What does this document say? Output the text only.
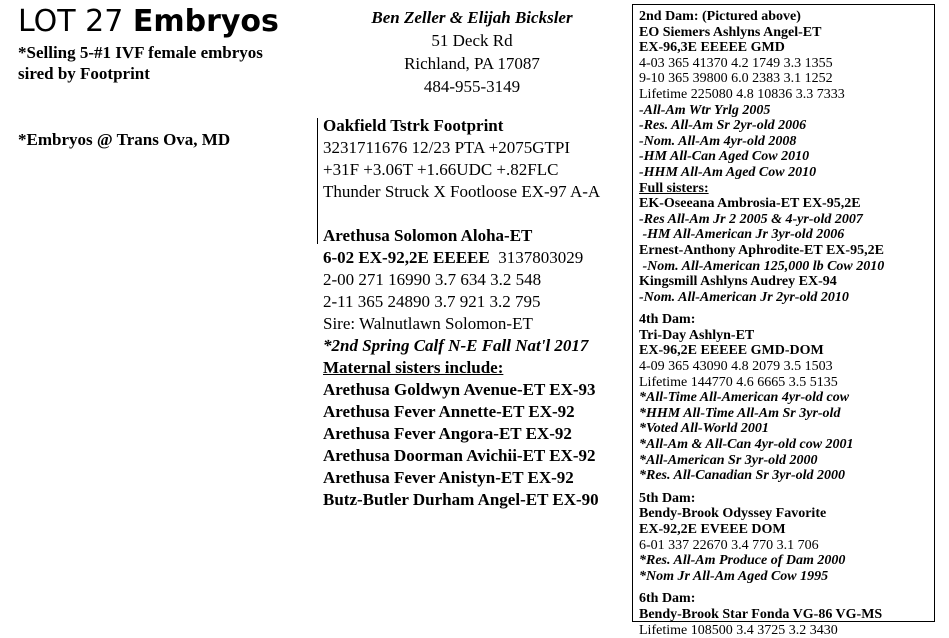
LOT 27 Embryos
*Selling 5-#1 IVF female embryos
sired by Footprint
*Embryos @ Trans Ova, MD
Ben Zeller & Elijah Bicksler
51 Deck Rd
Richland, PA 17087
484-955-3149
Oakfield Tstrk Footprint
3231711676 12/23 PTA +2075GTPI
+31F +3.06T +1.66UDC +.82FLC
Thunder Struck X Footloose EX-97 A-A
Arethusa Solomon Aloha-ET
6-02 EX-92,2E EEEEE 3137803029
2-00 271 16990 3.7 634 3.2 548
2-11 365 24890 3.7 921 3.2 795
Sire: Walnutlawn Solomon-ET
*2nd Spring Calf N-E Fall Nat'l 2017
Maternal sisters include:
Arethusa Goldwyn Avenue-ET EX-93
Arethusa Fever Annette-ET EX-92
Arethusa Fever Angora-ET EX-92
Arethusa Doorman Avichii-ET EX-92
Arethusa Fever Anistyn-ET EX-92
Butz-Butler Durham Angel-ET EX-90
2nd Dam: (Pictured above)
EO Siemers Ashlyns Angel-ET
EX-96,3E EEEEE GMD
4-03 365 41370 4.2 1749 3.3 1355
9-10 365 39800 6.0 2383 3.1 1252
Lifetime 225080 4.8 10836 3.3 7333
-All-Am Wtr Yrlg 2005
-Res. All-Am Sr 2yr-old 2006
-Nom. All-Am 4yr-old 2008
-HM All-Can Aged Cow 2010
-HHM All-Am Aged Cow 2010
Full sisters:
EK-Oseeana Ambrosia-ET EX-95,2E
-Res All-Am Jr 2 2005 & 4-yr-old 2007
-HM All-American Jr 3yr-old 2006
Ernest-Anthony Aphrodite-ET EX-95,2E
-Nom. All-American 125,000 lb Cow 2010
Kingsmill Ashlyns Audrey EX-94
-Nom. All-American Jr 2yr-old 2010
4th Dam:
Tri-Day Ashlyn-ET
EX-96,2E EEEEE GMD-DOM
4-09 365 43090 4.8 2079 3.5 1503
Lifetime 144770 4.6 6665 3.5 5135
*All-Time All-American 4yr-old cow
*HHM All-Time All-Am Sr 3yr-old
*Voted All-World 2001
*All-Am & All-Can 4yr-old cow 2001
*All-American Sr 3yr-old 2000
*Res. All-Canadian Sr 3yr-old 2000
5th Dam:
Bendy-Brook Odyssey Favorite
EX-92,2E EVEEE DOM
6-01 337 22670 3.4 770 3.1 706
*Res. All-Am Produce of Dam 2000
*Nom Jr All-Am Aged Cow 1995
6th Dam:
Bendy-Brook Star Fonda VG-86 VG-MS
Lifetime 108500 3.4 3725 3.2 3430
